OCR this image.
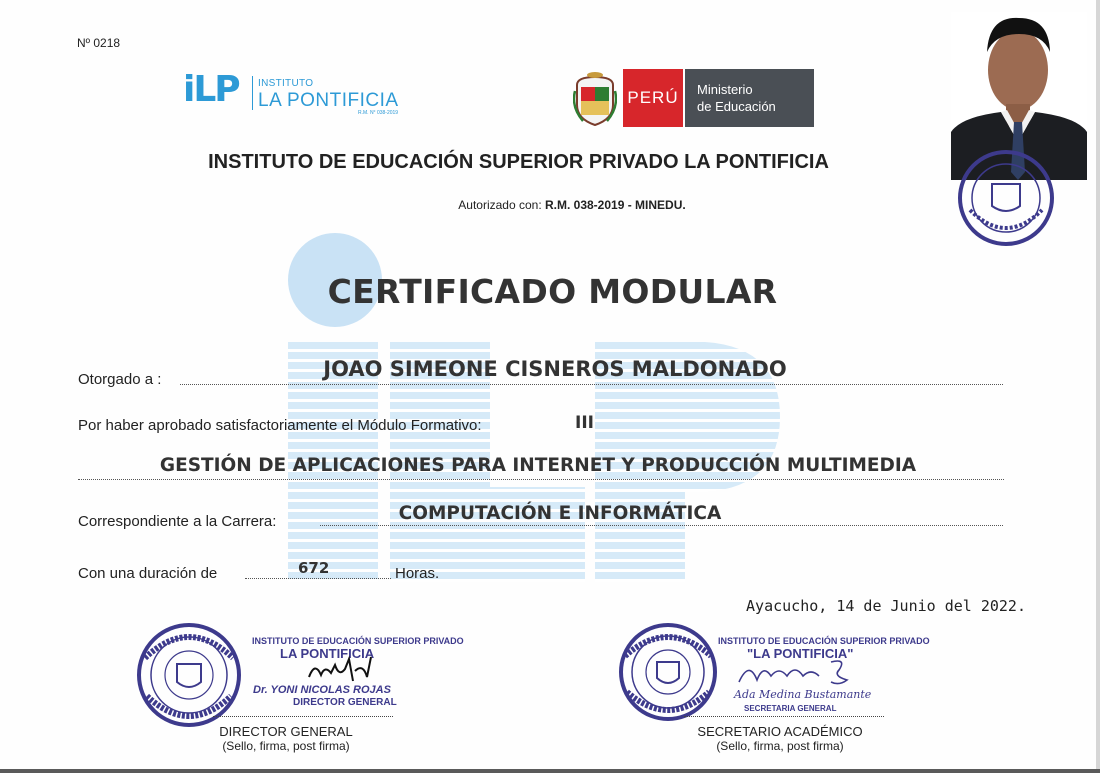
Nº 0218
iLP INSTITUTO
LA PONTIFICIA
R.M. N° 038-2019
PERÚ	Ministerio
de Educación
INSTITUTO DE EDUCACIÓN SUPERIOR PRIVADO LA PONTIFICIA
Autorizado con: R.M. 038-2019 - MINEDU.
CERTIFICADO MODULAR
Otorgado a :	JOAO SIMEONE CISNEROS MALDONADO
Por haber aprobado satisfactoriamente el Módulo Formativo:	III
GESTIÓN DE APLICACIONES PARA INTERNET Y PRODUCCIÓN MULTIMEDIA
Correspondiente a la Carrera:	COMPUTACIÓN E INFORMÁTICA
Con una duración de	672	Horas.
Ayacucho, 14 de Junio del 2022.
INSTITUTO DE EDUCACIÓN SUPERIOR PRIVADO
LA PONTIFICIA
Dr. YONI NICOLAS ROJAS
DIRECTOR GENERAL
DIRECTOR GENERAL
(Sello, firma, post firma)
INSTITUTO DE EDUCACIÓN SUPERIOR PRIVADO
"LA PONTIFICIA"
Ada Medina Bustamante
SECRETARIA GENERAL
SECRETARIO ACADÉMICO
(Sello, firma, post firma)
